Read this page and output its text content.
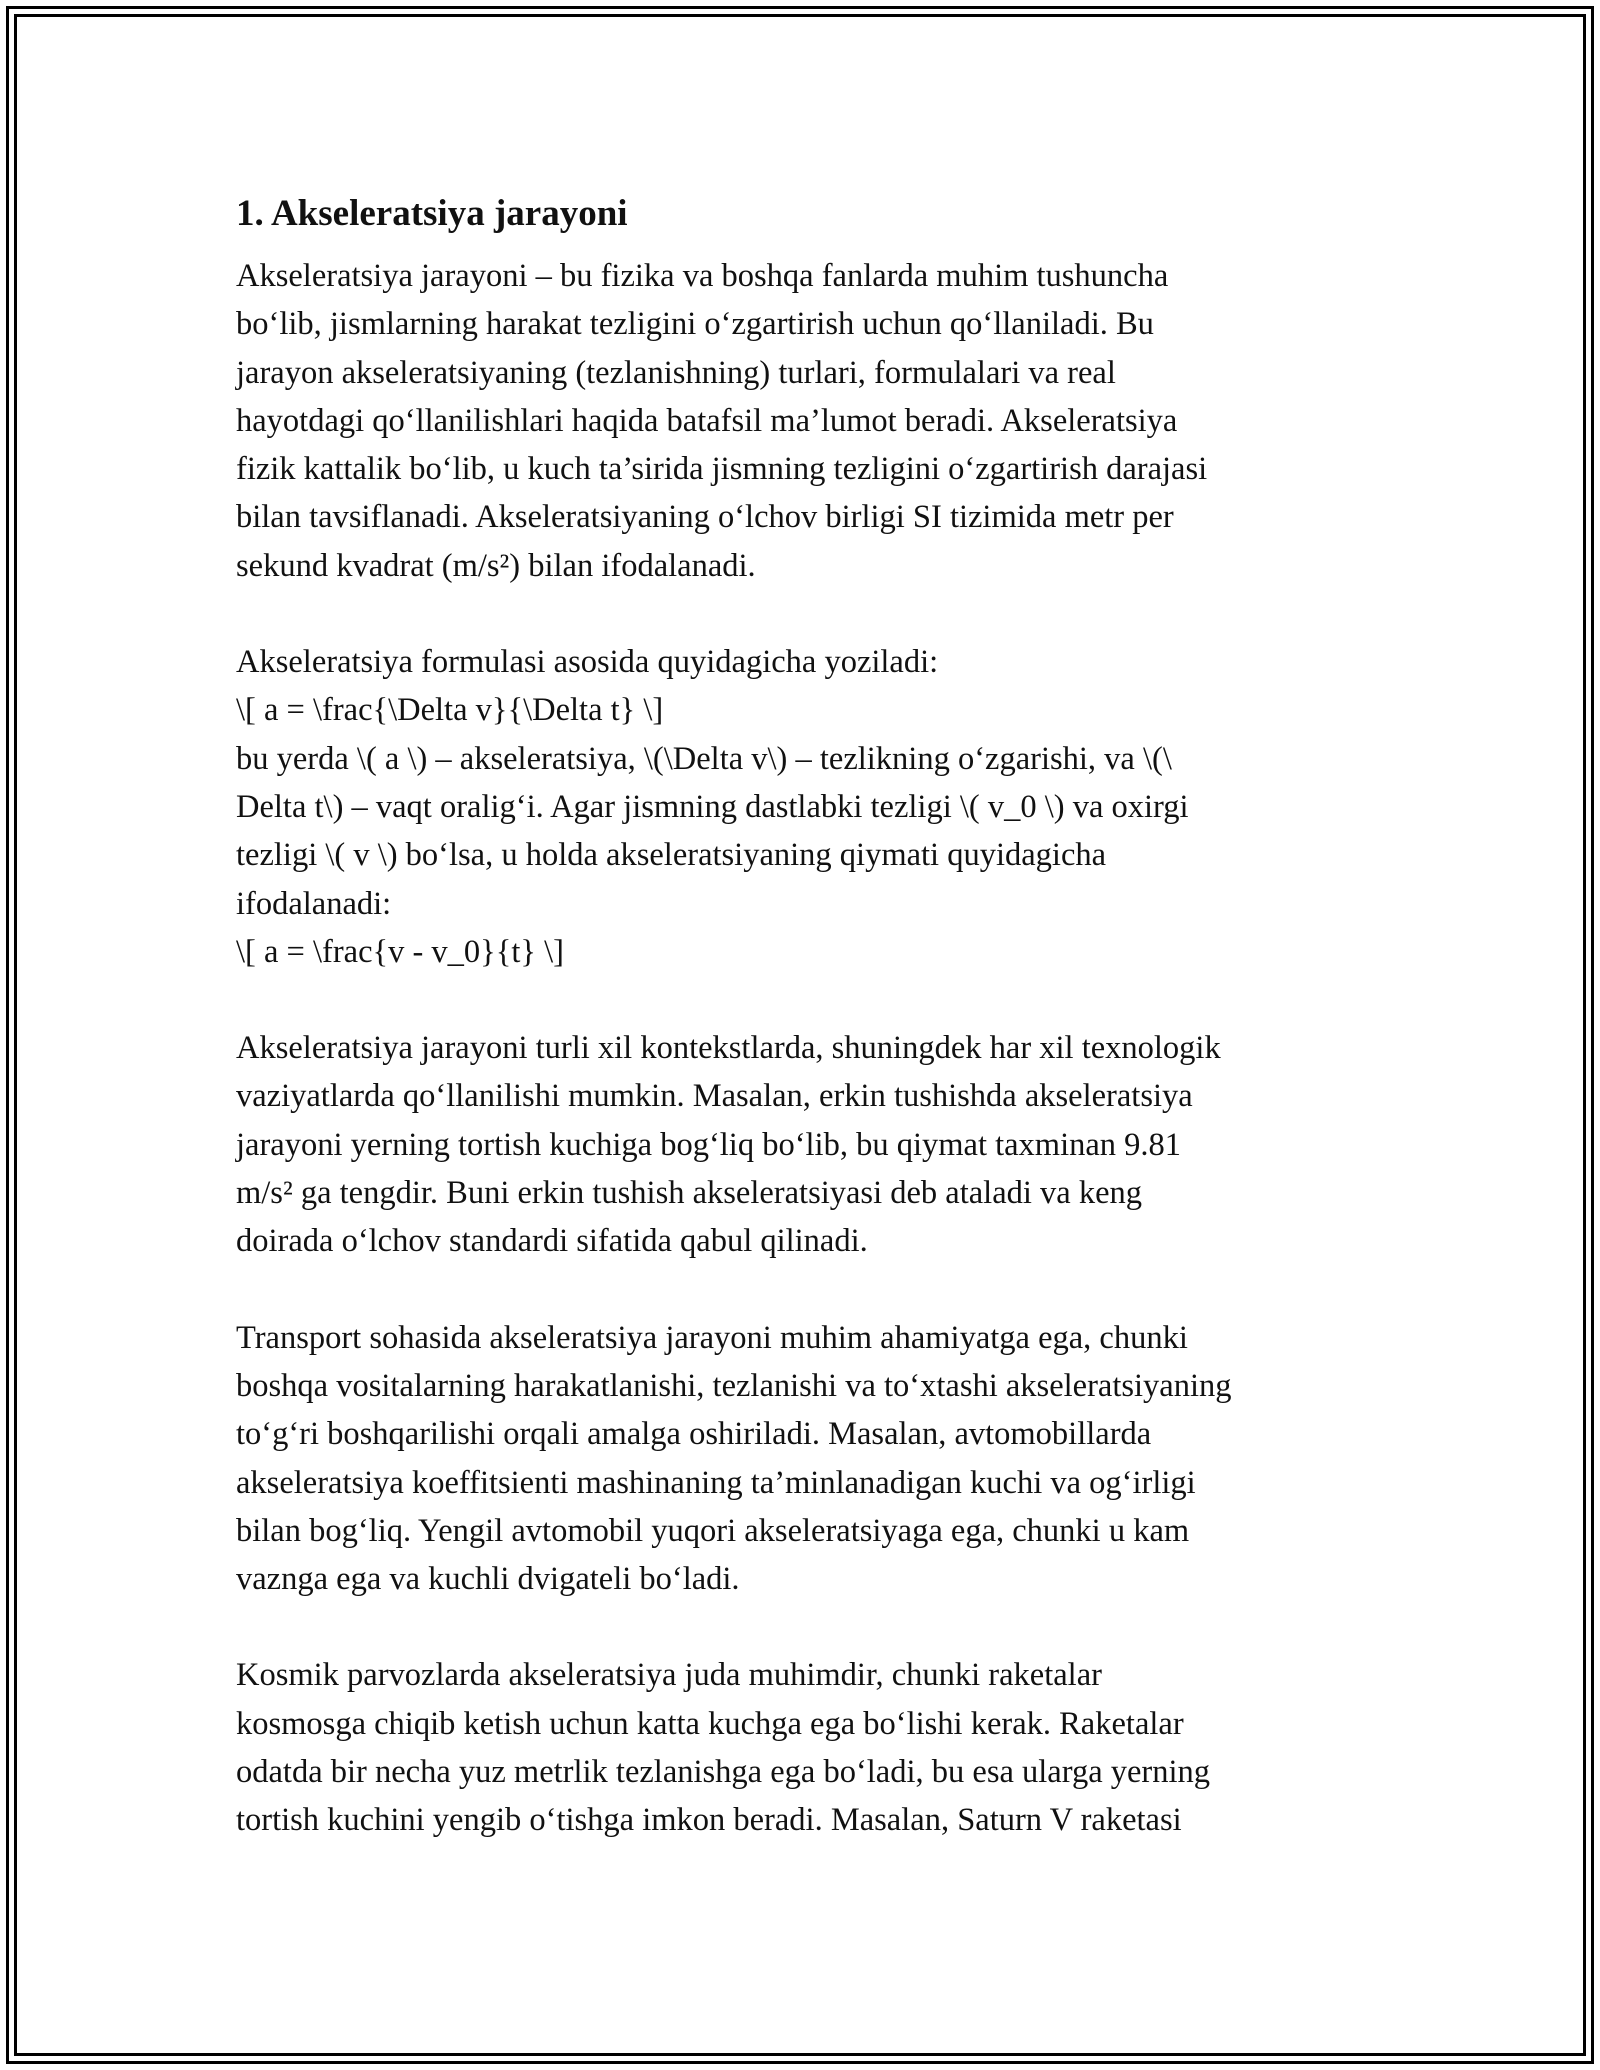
1. Akseleratsiya jarayoni
Akseleratsiya jarayoni – bu fizika va boshqa fanlarda muhim tushuncha
bo‘lib, jismlarning harakat tezligini o‘zgartirish uchun qo‘llaniladi. Bu
jarayon akseleratsiyaning (tezlanishning) turlari, formulalari va real
hayotdagi qo‘llanilishlari haqida batafsil ma’lumot beradi. Akseleratsiya
fizik kattalik bo‘lib, u kuch ta’sirida jismning tezligini o‘zgartirish darajasi
bilan tavsiflanadi. Akseleratsiyaning o‘lchov birligi SI tizimida metr per
sekund kvadrat (m/s²) bilan ifodalanadi.
Akseleratsiya formulasi asosida quyidagicha yoziladi:
\[ a = \frac{\Delta v}{\Delta t} \]
bu yerda \( a \) – akseleratsiya, \(\Delta v\) – tezlikning o‘zgarishi, va \(\
Delta t\) – vaqt oralig‘i. Agar jismning dastlabki tezligi \( v_0 \) va oxirgi
tezligi \( v \) bo‘lsa, u holda akseleratsiyaning qiymati quyidagicha
ifodalanadi:
\[ a = \frac{v - v_0}{t} \]
Akseleratsiya jarayoni turli xil kontekstlarda, shuningdek har xil texnologik
vaziyatlarda qo‘llanilishi mumkin. Masalan, erkin tushishda akseleratsiya
jarayoni yerning tortish kuchiga bog‘liq bo‘lib, bu qiymat taxminan 9.81
m/s² ga tengdir. Buni erkin tushish akseleratsiyasi deb ataladi va keng
doirada o‘lchov standardi sifatida qabul qilinadi.
Transport sohasida akseleratsiya jarayoni muhim ahamiyatga ega, chunki
boshqa vositalarning harakatlanishi, tezlanishi va to‘xtashi akseleratsiyaning
to‘g‘ri boshqarilishi orqali amalga oshiriladi. Masalan, avtomobillarda
akseleratsiya koeffitsienti mashinaning ta’minlanadigan kuchi va og‘irligi
bilan bog‘liq. Yengil avtomobil yuqori akseleratsiyaga ega, chunki u kam
vaznga ega va kuchli dvigateli bo‘ladi.
Kosmik parvozlarda akseleratsiya juda muhimdir, chunki raketalar
kosmosga chiqib ketish uchun katta kuchga ega bo‘lishi kerak. Raketalar
odatda bir necha yuz metrlik tezlanishga ega bo‘ladi, bu esa ularga yerning
tortish kuchini yengib o‘tishga imkon beradi. Masalan, Saturn V raketasi
